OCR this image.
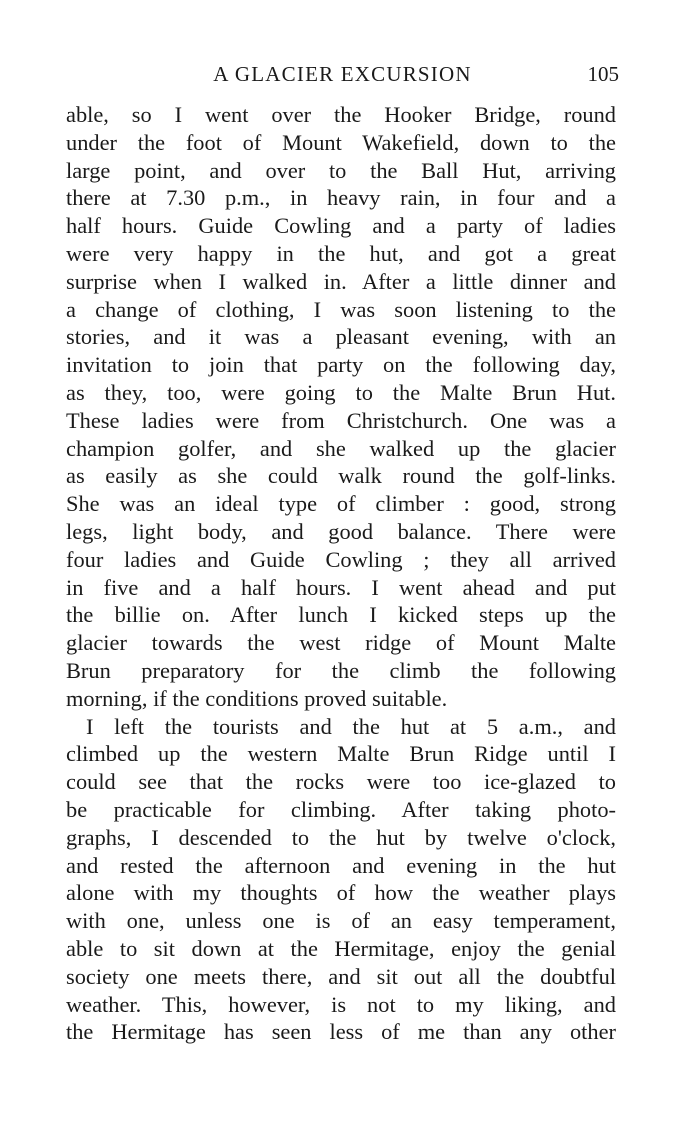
A GLACIER EXCURSION	105
able, so I went over the Hooker Bridge, round
under the foot of Mount Wakefield, down to the
large point, and over to the Ball Hut, arriving
there at 7.30 p.m., in heavy rain, in four and a
half hours. Guide Cowling and a party of ladies
were very happy in the hut, and got a great
surprise when I walked in. After a little dinner and
a change of clothing, I was soon listening to the
stories, and it was a pleasant evening, with an
invitation to join that party on the following day,
as they, too, were going to the Malte Brun Hut.
These ladies were from Christchurch. One was a
champion golfer, and she walked up the glacier
as easily as she could walk round the golf-links.
She was an ideal type of climber : good, strong
legs, light body, and good balance. There were
four ladies and Guide Cowling ; they all arrived
in five and a half hours. I went ahead and put
the billie on. After lunch I kicked steps up the
glacier towards the west ridge of Mount Malte
Brun preparatory for the climb the following
morning, if the conditions proved suitable.
I left the tourists and the hut at 5 a.m., and
climbed up the western Malte Brun Ridge until I
could see that the rocks were too ice-glazed to
be practicable for climbing. After taking photo-
graphs, I descended to the hut by twelve o'clock,
and rested the afternoon and evening in the hut
alone with my thoughts of how the weather plays
with one, unless one is of an easy temperament,
able to sit down at the Hermitage, enjoy the genial
society one meets there, and sit out all the doubtful
weather. This, however, is not to my liking, and
the Hermitage has seen less of me than any other
